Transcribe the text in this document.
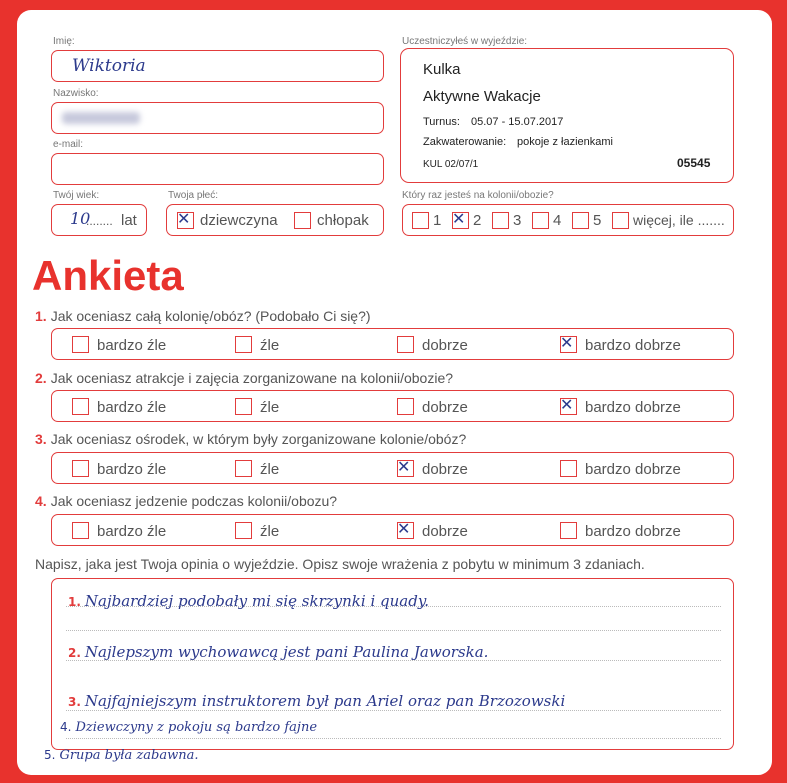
Imię:
Wiktoria
Nazwisko:
e-mail:
Twój wiek:
10
........ lat
Twoja płeć:
✕ dziewczyna	chłopak
Uczestniczyłeś w wyjeździe:
Kulka
Aktywne Wakacje
Turnus: 05.07 - 15.07.2017
Zakwaterowanie: pokoje z łazienkami
KUL 02/07/1	05545
Który raz jesteś na kolonii/obozie?
1 ✕ 2 3 4 5 więcej, ile .......
Ankieta
1. Jak oceniasz całą kolonię/obóz? (Podobało Ci się?)
bardzo źle	źle	dobrze	✕ bardzo dobrze
2. Jak oceniasz atrakcje i zajęcia zorganizowane na kolonii/obozie?
bardzo źle	źle	dobrze	✕ bardzo dobrze
3. Jak oceniasz ośrodek, w którym były zorganizowane kolonie/obóz?
bardzo źle	źle	✕ dobrze	bardzo dobrze
4. Jak oceniasz jedzenie podczas kolonii/obozu?
bardzo źle	źle	✕ dobrze	bardzo dobrze
Napisz, jaka jest Twoja opinia o wyjeździe. Opisz swoje wrażenia z pobytu w minimum 3 zdaniach.
1. Najbardziej podobały mi się skrzynki i quady.
2. Najlepszym wychowawcą jest pani Paulina Jaworska.
3. Najfajniejszym instruktorem był pan Ariel oraz pan Brzozowski
4. Dziewczyny z pokoju są bardzo fajne
5. Grupa była zabawna.
